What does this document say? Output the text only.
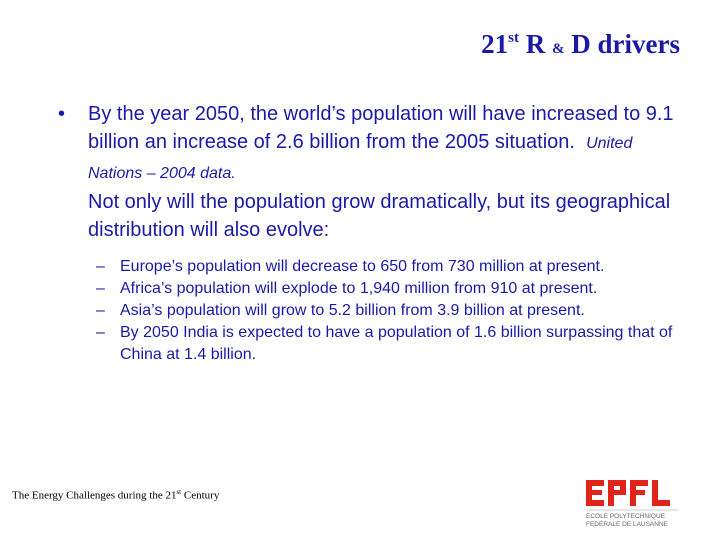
21st R & D drivers
• By the year 2050, the world’s population will have increased to 9.1 billion an increase of 2.6 billion from the 2005 situation. United Nations – 2004 data.

Not only will the population grow dramatically, but its geographical distribution will also evolve:

– Europe’s population will decrease to 650 from 730 million at present.
– Africa’s population will explode to 1,940 million from 910 at present.
– Asia’s population will grow to 5.2 billion from 3.9 billion at present.
– By 2050 India is expected to have a population of 1.6 billion surpassing that of China at 1.4 billion.
The Energy Challenges during the 21st Century
ECOLE POLYTECHNIQUE
FEDERALE DE LAUSANNE
